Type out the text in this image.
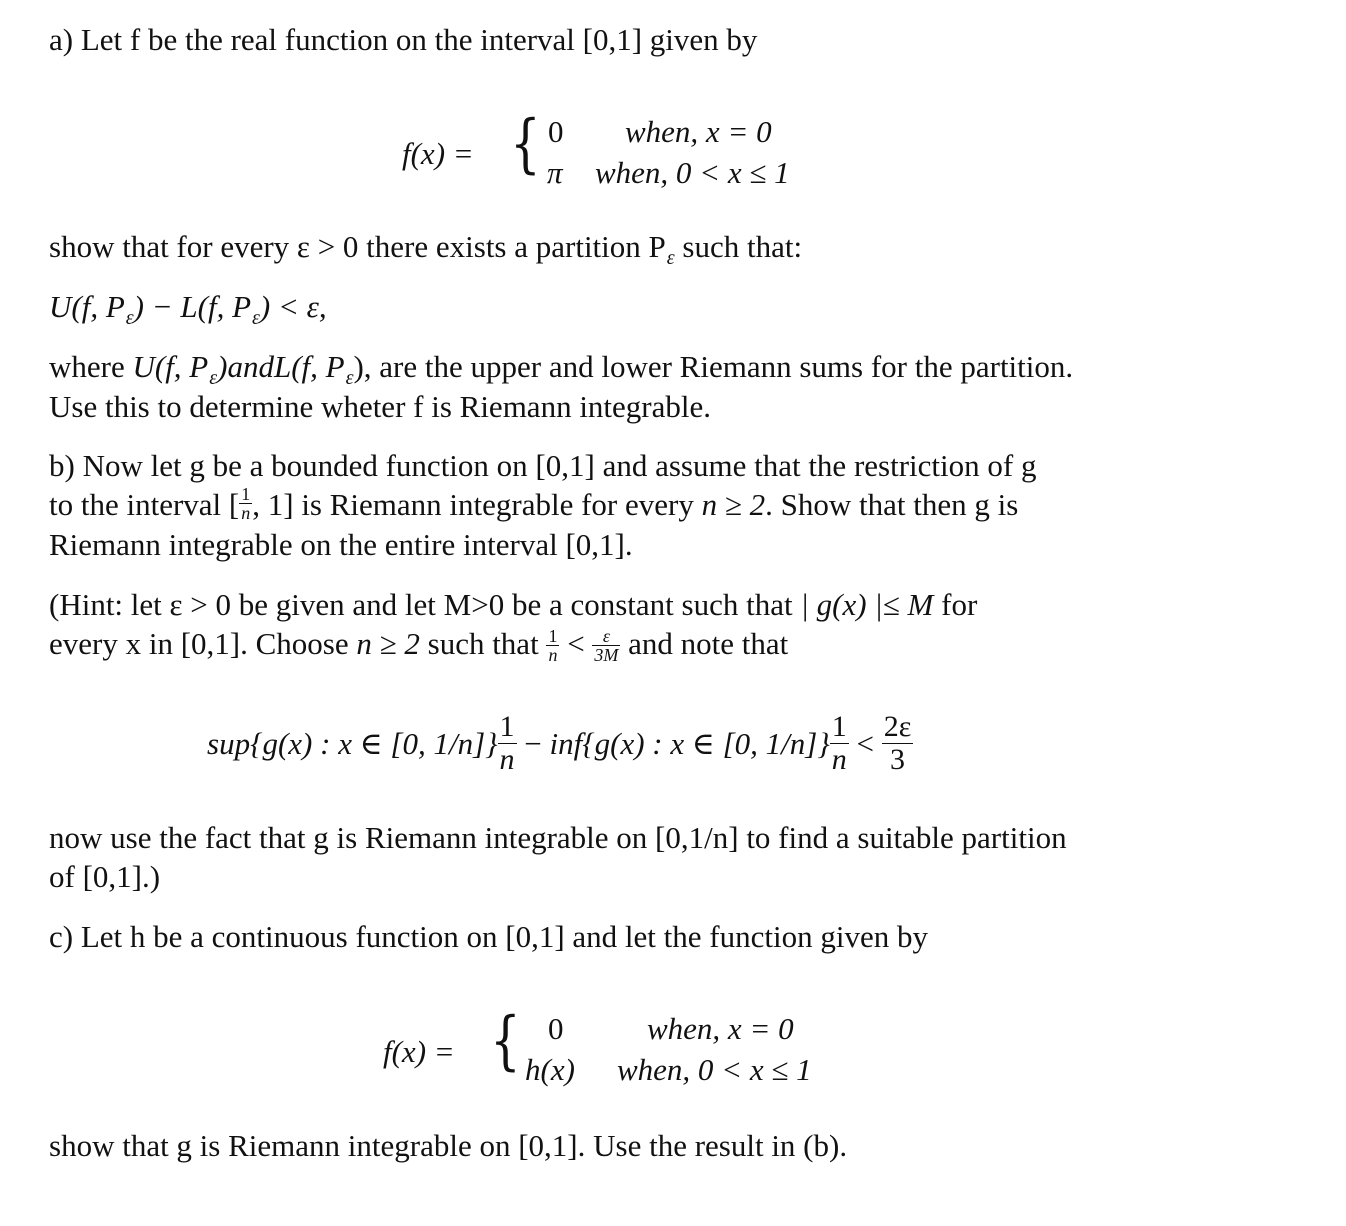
a) Let f be the real function on the interval [0,1] given by
f(x) = { 0 when, x = 0
π when, 0 < x ≤ 1
show that for every ε > 0 there exists a partition $P_\varepsilon$ such that:
U(f, $P_\varepsilon) - L(f$, $P_\varepsilon) < \varepsilon$,
where U(f, $P_\varepsilon)andL(f$, $P_\varepsilon$), are the upper and lower Riemann sums for the partition.
Use this to determine wheter f is Riemann integrable.
b) Now let g be a bounded function on [0,1] and assume that the restriction of g
to the interval [ $\frac{1}{n}$ , 1] is Riemann integrable for every n ≥ 2. Show that then g is
Riemann integrable on the entire interval [0,1].
(Hint: let ε > 0 be given and let M>0 be a constant such that | g(x) |≤ M for
every x in [0,1]. Choose n ≥ 2 such that $\frac{1}{n} < \frac{\varepsilon}{3M}$ and note that
sup{g(x) : x ∈ [0, $1/n]\} \frac{1}{n} - inf\{g(x)$ : x ∈ [0, $1/n]\} \frac{1}{n} < \frac{2\varepsilon}{3}$
now use the fact that g is Riemann integrable on [0,1/n] to find a suitable partition
of [0,1].)
c) Let h be a continuous function on [0,1] and let the function given by
f(x) = { 0	when, x = 0
h(x) when, 0 < x ≤ 1
show that g is Riemann integrable on [0,1]. Use the result in (b).
